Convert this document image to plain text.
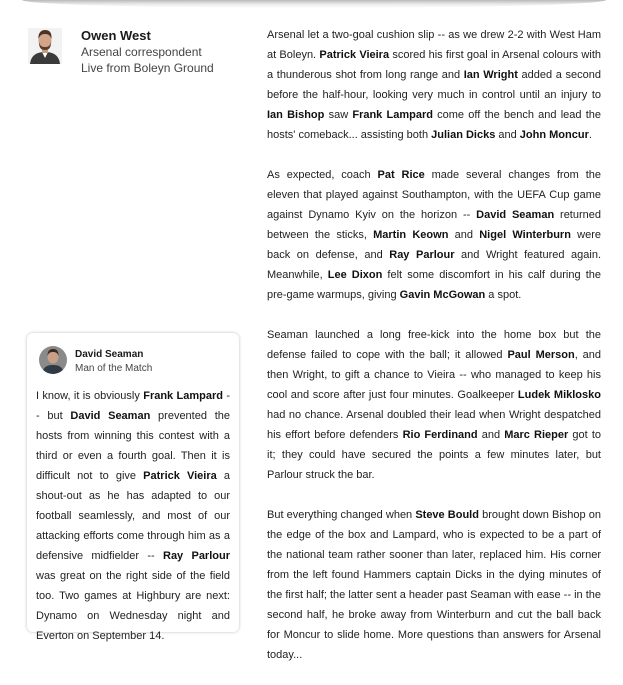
Owen West
Arsenal correspondent
Live from Boleyn Ground
David Seaman
Man of the Match
I know, it is obviously Frank Lampard -- but David Seaman prevented the hosts from winning this contest with a third or even a fourth goal. Then it is difficult not to give Patrick Vieira a shout-out as he has adapted to our football seamlessly, and most of our attacking efforts come through him as a defensive midfielder -- Ray Parlour was great on the right side of the field too. Two games at Highbury are next: Dynamo on Wednesday night and Everton on September 14.

Arsenal let a two-goal cushion slip -- as we drew 2-2 with West Ham at Boleyn. Patrick Vieira scored his first goal in Arsenal colours with a thunderous shot from long range and Ian Wright added a second before the half-hour, looking very much in control until an injury to Ian Bishop saw Frank Lampard come off the bench and lead the hosts' comeback... assisting both Julian Dicks and John Moncur.

As expected, coach Pat Rice made several changes from the eleven that played against Southampton, with the UEFA Cup game against Dynamo Kyiv on the horizon -- David Seaman returned between the sticks, Martin Keown and Nigel Winterburn were back on defense, and Ray Parlour and Wright featured again. Meanwhile, Lee Dixon felt some discomfort in his calf during the pre-game warmups, giving Gavin McGowan a spot.

Seaman launched a long free-kick into the home box but the defense failed to cope with the ball; it allowed Paul Merson, and then Wright, to gift a chance to Vieira -- who managed to keep his cool and score after just four minutes. Goalkeeper Ludek Miklosko had no chance. Arsenal doubled their lead when Wright despatched his effort before defenders Rio Ferdinand and Marc Rieper got to it; they could have secured the points a few minutes later, but Parlour struck the bar.

But everything changed when Steve Bould brought down Bishop on the edge of the box and Lampard, who is expected to be a part of the national team rather sooner than later, replaced him. His corner from the left found Hammers captain Dicks in the dying minutes of the first half; the latter sent a header past Seaman with ease -- in the second half, he broke away from Winterburn and cut the ball back for Moncur to slide home. More questions than answers for Arsenal today...
